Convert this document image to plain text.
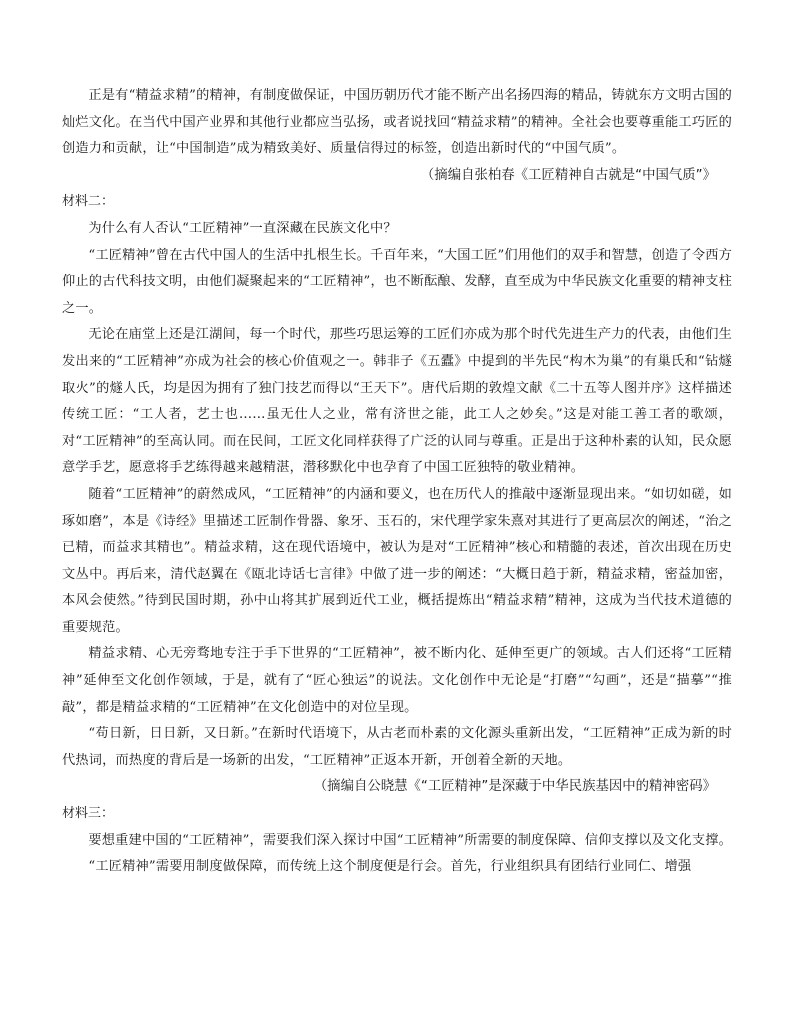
正是有“精益求精”的精神，有制度做保证，中国历朝历代才能不断产出名扬四海的精品，铸就东方文明古国的灿烂文化。在当代中国产业界和其他行业都应当弘扬，或者说找回“精益求精”的精神。全社会也要尊重能工巧匠的创造力和贡献，让“中国制造”成为精致美好、质量信得过的标签，创造出新时代的“中国气质”。

（摘编自张柏春《工匠精神自古就是“中国气质”》

材料二：

为什么有人否认“工匠精神”一直深藏在民族文化中？

“工匠精神”曾在古代中国人的生活中扎根生长。千百年来，“大国工匠”们用他们的双手和智慧，创造了令西方仰止的古代科技文明，由他们凝聚起来的“工匠精神”，也不断酝酿、发酵，直至成为中华民族文化重要的精神支柱之一。

无论在庙堂上还是江湖间，每一个时代，那些巧思运筹的工匠们亦成为那个时代先进生产力的代表，由他们生发出来的“工匠精神”亦成为社会的核心价值观之一。韩非子《五蠹》中提到的半先民“构木为巢”的有巢氏和“钻燧取火”的燧人氏，均是因为拥有了独门技艺而得以“王天下”。唐代后期的敦煌文献《二十五等人图并序》这样描述传统工匠：“工人者，艺士也……虽无仕人之业，常有济世之能，此工人之妙矣。”这是对能工善工者的歌颂，对“工匠精神”的至高认同。而在民间，工匠文化同样获得了广泛的认同与尊重。正是出于这种朴素的认知，民众愿意学手艺，愿意将手艺练得越来越精湛，潜移默化中也孕育了中国工匠独特的敬业精神。

随着“工匠精神”的蔚然成风，“工匠精神”的内涵和要义，也在历代人的推敲中逐渐显现出来。“如切如磋，如琢如磨”，本是《诗经》里描述工匠制作骨器、象牙、玉石的，宋代理学家朱熹对其进行了更高层次的阐述，“治之已精，而益求其精也”。精益求精，这在现代语境中，被认为是对“工匠精神”核心和精髓的表述，首次出现在历史文丛中。再后来，清代赵翼在《瓯北诗话七言律》中做了进一步的阐述：“大概日趋于新，精益求精，密益加密，本风会使然。”待到民国时期，孙中山将其扩展到近代工业，概括提炼出“精益求精”精神，这成为当代技术道德的重要规范。

精益求精、心无旁骛地专注于手下世界的“工匠精神”，被不断内化、延伸至更广的领域。古人们还将“工匠精神”延伸至文化创作领域，于是，就有了“匠心独运”的说法。文化创作中无论是“打磨”“勾画”，还是“描摹”“推敲”，都是精益求精的“工匠精神”在文化创造中的对位呈现。

“苟日新，日日新，又日新。”在新时代语境下，从古老而朴素的文化源头重新出发，“工匠精神”正成为新的时代热词，而热度的背后是一场新的出发，“工匠精神”正返本开新，开创着全新的天地。

（摘编自公晓慧《“工匠精神”是深藏于中华民族基因中的精神密码》

材料三：

要想重建中国的“工匠精神”，需要我们深入探讨中国“工匠精神”所需要的制度保障、信仰支撑以及文化支撑。

“工匠精神”需要用制度做保障，而传统上这个制度便是行会。首先，行业组织具有团结行业同仁、增强
